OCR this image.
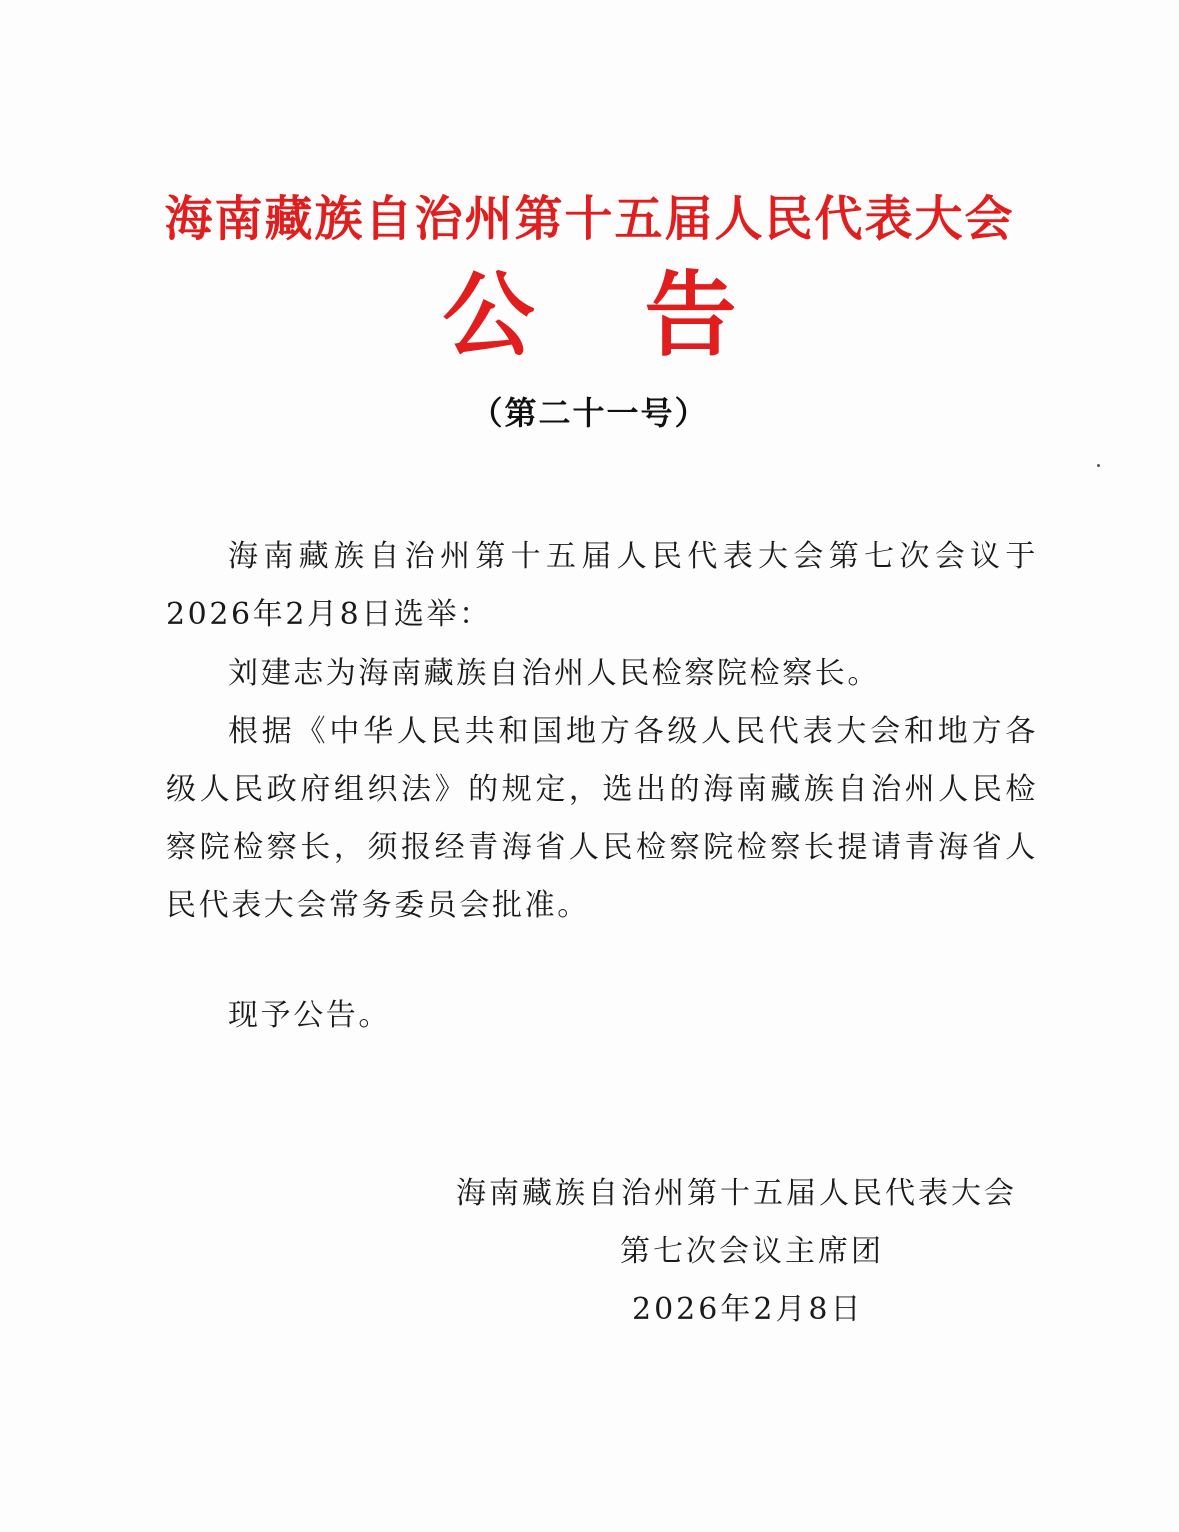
海南藏族自治州第十五届人民代表大会
公告
（第二十一号）

海南藏族自治州第十五届人民代表大会第七次会议于2026年2月8日选举：

刘建志为海南藏族自治州人民检察院检察长。

根据《中华人民共和国地方各级人民代表大会和地方各级人民政府组织法》的规定，选出的海南藏族自治州人民检察院检察长，须报经青海省人民检察院检察长提请青海省人民代表大会常务委员会批准。

现予公告。

海南藏族自治州第十五届人民代表大会
第七次会议主席团
2026年2月8日
